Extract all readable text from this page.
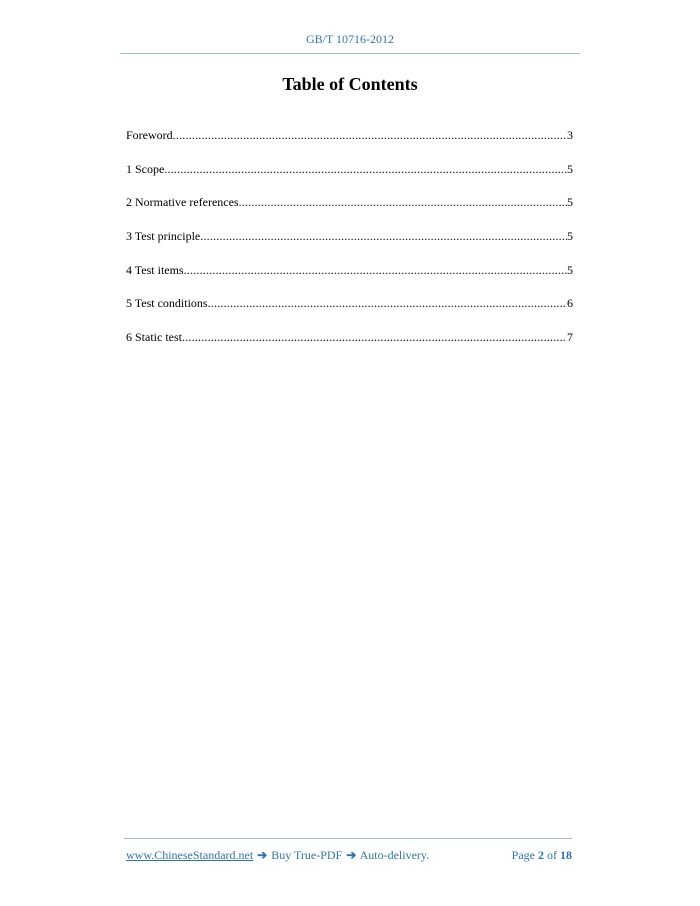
GB/T 10716-2012
Table of Contents
Foreword .....	3
1 Scope .....	5
2 Normative references .....	5
3 Test principle .....	5
4 Test items .....	5
5 Test conditions .....	6
6 Static test .....	7
www.ChineseStandard.net ➔ Buy True-PDF ➔ Auto-delivery.	Page 2 of 18
